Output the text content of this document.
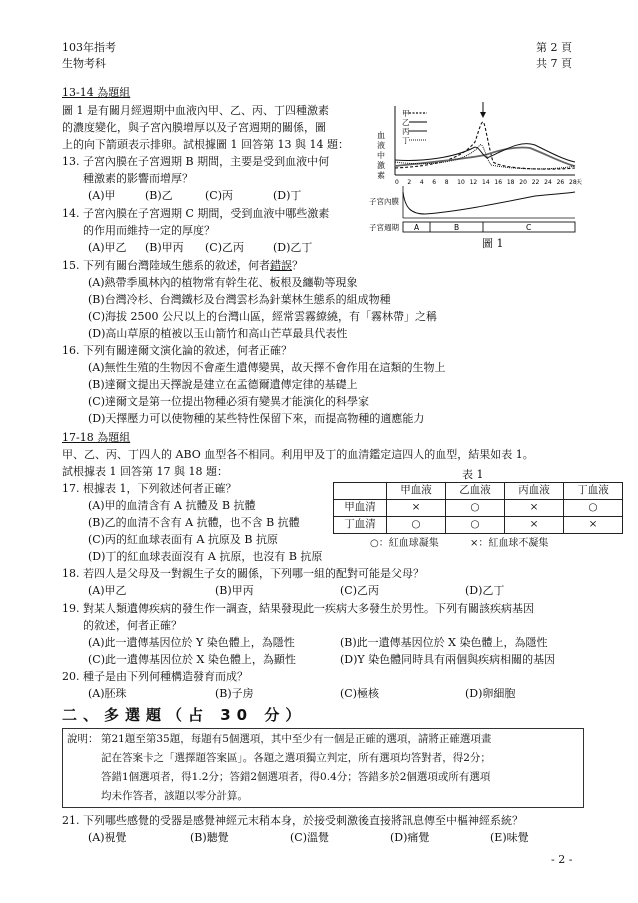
103年指考
生物考科
第 2 頁
共 7 頁
13-14 為題組
圖 1 是有關月經週期中血液內甲、乙、丙、丁四種激素
的濃度變化，與子宮內膜增厚以及子宮週期的關係，圖
上的向下箭頭表示排卵。試根據圖 1 回答第 13 與 14 題：
血
液
中
激
素
甲
乙
丙
丁
0 2 4 6 8 10 12 14 16 18 20 22 24 26 28 天
子宮內膜
子宮週期 A	B	C
圖 1
13. 子宮內膜在子宮週期 B 期間，主要是受到血液中何
種激素的影響而增厚？
(A)甲	(B)乙	(C)丙	(D)丁
14. 子宮內膜在子宮週期 C 期間，受到血液中哪些激素
的作用而維持一定的厚度？
(A)甲乙 (B)甲丙 (C)乙丙	(D)乙丁
15. 下列有關台灣陸域生態系的敘述，何者錯誤？
(A)熱帶季風林內的植物常有幹生花、板根及纏勒等現象
(B)台灣冷杉、台灣鐵杉及台灣雲杉為針葉林生態系的組成物種
(C)海拔 2500 公尺以上的台灣山區，經常雲霧繚繞，有「霧林帶」之稱
(D)高山草原的植被以玉山箭竹和高山芒草最具代表性
16. 下列有關達爾文演化論的敘述，何者正確？
(A)無性生殖的生物因不會產生遺傳變異，故天擇不會作用在這類的生物上
(B)達爾文提出天擇說是建立在孟德爾遺傳定律的基礎上
(C)達爾文是第一位提出物種必須有變異才能演化的科學家
(D)天擇壓力可以使物種的某些特性保留下來，而提高物種的適應能力
17-18 為題組
甲、乙、丙、丁四人的 ABO 血型各不相同。利用甲及丁的血清鑑定這四人的血型，結果如表 1。
試根據表 1 回答第 17 與 18 題：	表 1
	甲血液	乙血液	丙血液	丁血液
甲血清	×	○	×	○
丁血清	○	○	×	×
○：紅血球凝集	×：紅血球不凝集
17. 根據表 1，下列敘述何者正確？
(A)甲的血清含有 A 抗體及 B 抗體
(B)乙的血清不含有 A 抗體，也不含 B 抗體
(C)丙的紅血球表面有 A 抗原及 B 抗原
(D)丁的紅血球表面沒有 A 抗原，也沒有 B 抗原
18. 若四人是父母及一對親生子女的關係，下列哪一組的配對可能是父母？
(A)甲乙	(B)甲丙	(C)乙丙	(D)乙丁
19. 對某人類遺傳疾病的發生作一調查，結果發現此一疾病大多發生於男性。下列有關該疾病基因
的敘述，何者正確？
(A)此一遺傳基因位於 Y 染色體上，為隱性	(B)此一遺傳基因位於 X 染色體上，為隱性
(C)此一遺傳基因位於 X 染色體上，為顯性	(D)Y 染色體同時具有兩個與疾病相關的基因
20. 種子是由下列何種構造發育而成？
(A)胚珠	(B)子房	(C)極核	(D)卵細胞
二、多選題（占 30 分）
說明： 第21題至第35題，每題有5個選項，其中至少有一個是正確的選項，請將正確選項畫
記在答案卡之「選擇題答案區」。各題之選項獨立判定，所有選項均答對者，得2分；
答錯1個選項者，得1.2分；答錯2個選項者，得0.4分；答錯多於2個選項或所有選項
均未作答者，該題以零分計算。
21. 下列哪些感覺的受器是感覺神經元末稍本身，於接受刺激後直接將訊息傳至中樞神經系統？
(A)視覺	(B)聽覺	(C)溫覺	(D)痛覺	(E)味覺
- 2 -
